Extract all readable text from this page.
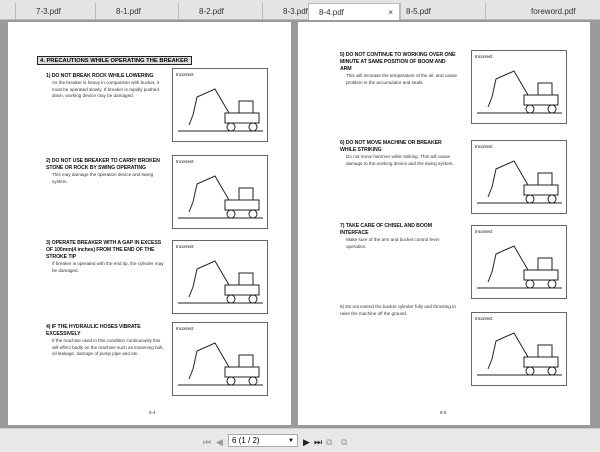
7-3.pdf	8-1.pdf	8-2.pdf	8-3.pdf	8-4.pdf	×	8-5.pdf	foreword.pdf
4. PRECAUTIONS WHILE OPERATING THE BREAKER
1) DO NOT BREAK ROCK WHILE LOWERING
As the breaker is heavy in comparison with bucket, it must be operated slowly. If breaker is rapidly pushed down, working device may be damaged.
2) DO NOT USE BREAKER TO CARRY BROKEN STONE OR ROCK BY SWING OPERATING
This may damage the operation device and swing system.
3) OPERATE BREAKER WITH A GAP IN EXCESS OF 100mm(4 inches) FROM THE END OF THE STROKE TIP
If breaker is operated with the end tip, the cylinder may be damaged.
4) IF THE HYDRAULIC HOSES VIBRATE EXCESSIVELY
If the machine used in this condition continuously this will effect badly on the machine such as loosening bolt, oil leakage, damage of pump pipe and etc.
Incorrect
Incorrect
Incorrect
Incorrect
8-4
5) DO NOT CONTINUE TO WORKING OVER ONE MINUTE AT SAME POSITION OF BOOM AND ARM
This will increase the temperature of the oil, and cause problem in the accumulator and seals.
6) DO NOT MOVE MACHINE OR BREAKER WHILE STRIKING
Do not move hammer while striking. This will cause damage to the working device and the swing system.
7) TAKE CARE OF CHISEL AND BOOM INTERFACE
Make sure of the arm and bucket control lever operation.
8) Do not extend the bucket cylinder fully and thrusting to raise the machine off the ground.
Incorrect
Incorrect
Incorrect
Incorrect
8-5
⏮ ◀	6 (1 / 2)	▼ ▶ ⏭ ⧉ ⧉
